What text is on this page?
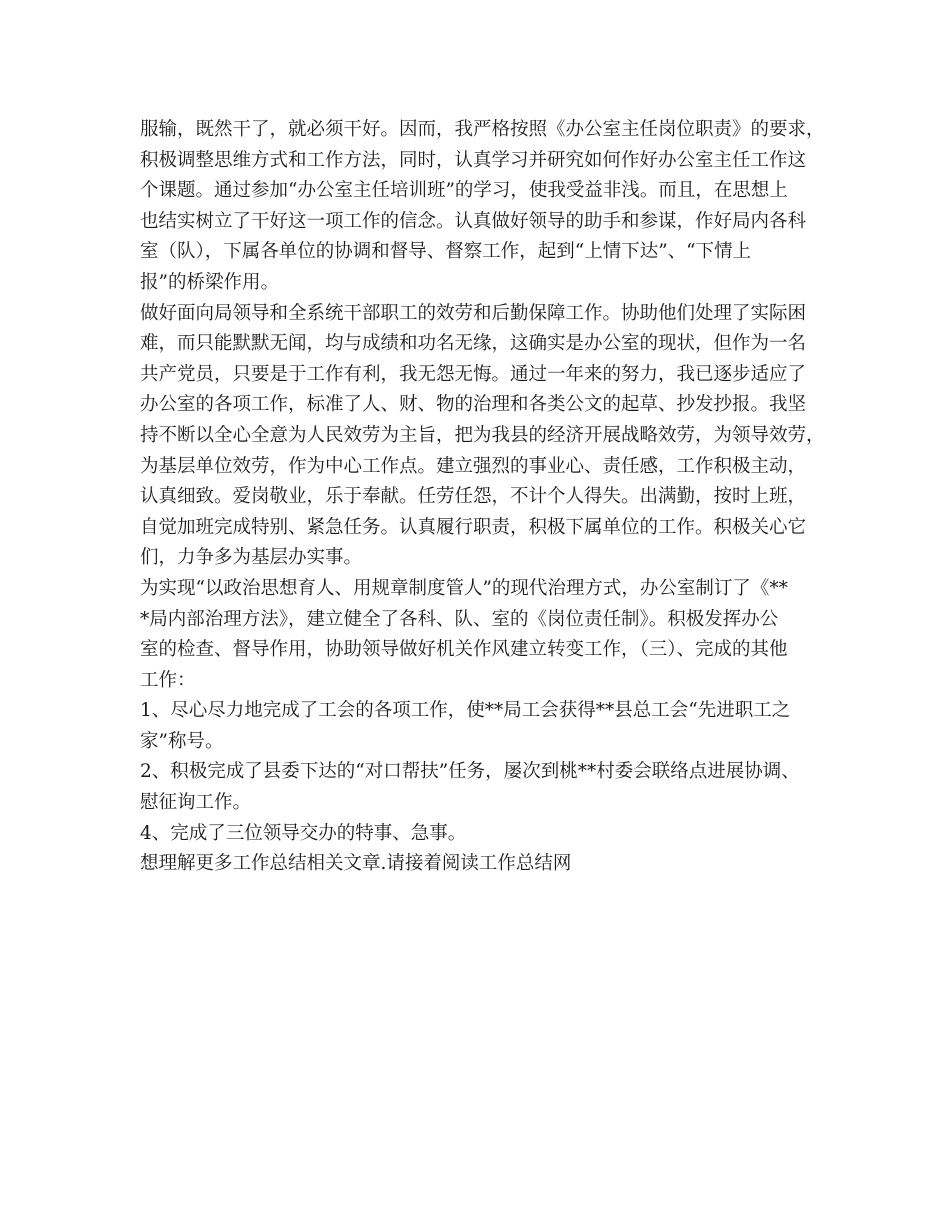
服输，既然干了，就必须干好。因而，我严格按照《办公室主任岗位职责》的要求，
积极调整思维方式和工作方法，同时，认真学习并研究如何作好办公室主任工作这
个课题。通过参加“办公室主任培训班”的学习，使我受益非浅。而且，在思想上
也结实树立了干好这一项工作的信念。认真做好领导的助手和参谋，作好局内各科
室（队），下属各单位的协调和督导、督察工作，起到“上情下达”、“下情上
报”的桥梁作用。
做好面向局领导和全系统干部职工的效劳和后勤保障工作。协助他们处理了实际困
难，而只能默默无闻，均与成绩和功名无缘，这确实是办公室的现状，但作为一名
共产党员，只要是于工作有利，我无怨无悔。通过一年来的努力，我已逐步适应了
办公室的各项工作，标准了人、财、物的治理和各类公文的起草、抄发抄报。我坚
持不断以全心全意为人民效劳为主旨，把为我县的经济开展战略效劳，为领导效劳，
为基层单位效劳，作为中心工作点。建立强烈的事业心、责任感，工作积极主动，
认真细致。爱岗敬业，乐于奉献。任劳任怨，不计个人得失。出满勤，按时上班，
自觉加班完成特别、紧急任务。认真履行职责，积极下属单位的工作。积极关心它
们，力争多为基层办实事。
为实现“以政治思想育人、用规章制度管人”的现代治理方式，办公室制订了《**
*局内部治理方法》，建立健全了各科、队、室的《岗位责任制》。积极发挥办公
室的检查、督导作用，协助领导做好机关作风建立转变工作，（三）、完成的其他
工作：
1、尽心尽力地完成了工会的各项工作，使**局工会获得**县总工会“先进职工之
家”称号。
2、积极完成了县委下达的“对口帮扶”任务，屡次到桃**村委会联络点进展协调、
慰征询工作。
4、完成了三位领导交办的特事、急事。
想理解更多工作总结相关文章.请接着阅读工作总结网
